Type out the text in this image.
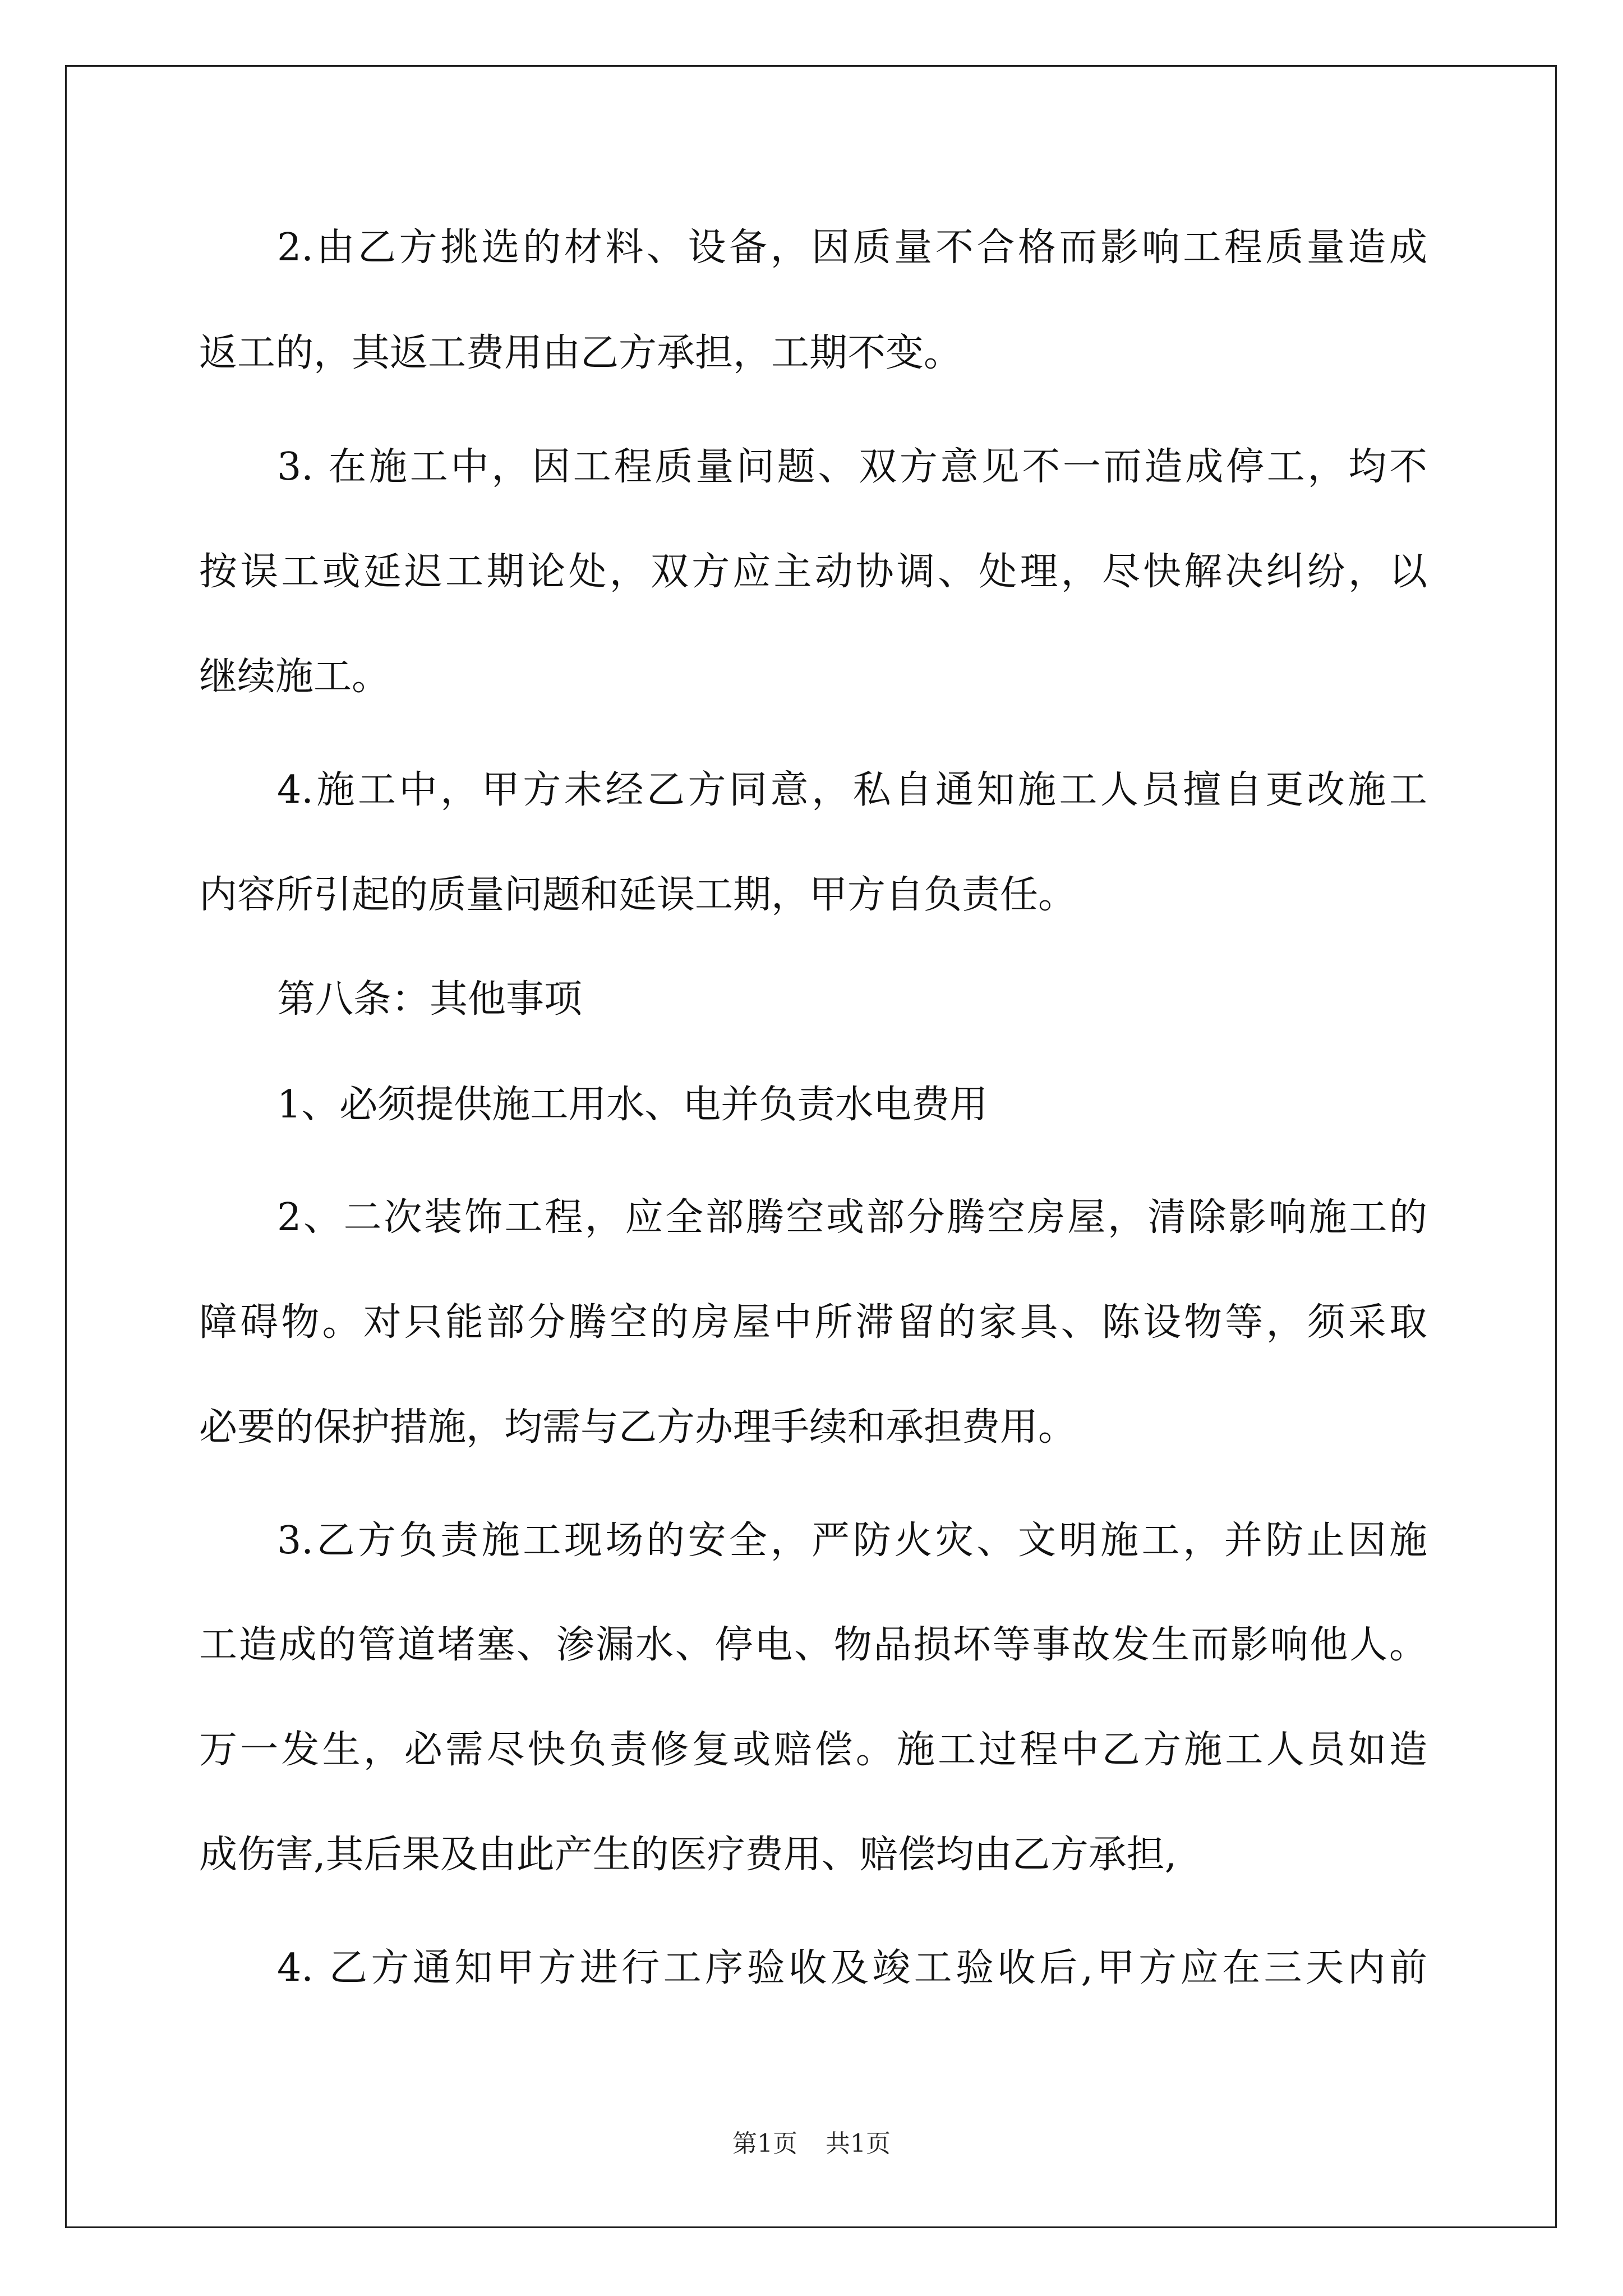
2.由乙方挑选的材料、设备，因质量不合格而影响工程质量造成
返工的，其返工费用由乙方承担，工期不变。
3. 在施工中，因工程质量问题、双方意见不一而造成停工，均不
按误工或延迟工期论处，双方应主动协调、处理，尽快解决纠纷，以
继续施工。
4.施工中，甲方未经乙方同意，私自通知施工人员擅自更改施工
内容所引起的质量问题和延误工期，甲方自负责任。
第八条：其他事项
1、必须提供施工用水、电并负责水电费用
2、二次装饰工程，应全部腾空或部分腾空房屋，清除影响施工的
障碍物。对只能部分腾空的房屋中所滞留的家具、陈设物等，须采取
必要的保护措施，均需与乙方办理手续和承担费用。
3.乙方负责施工现场的安全，严防火灾、文明施工，并防止因施
工造成的管道堵塞、渗漏水、停电、物品损坏等事故发生而影响他人。
万一发生，必需尽快负责修复或赔偿。施工过程中乙方施工人员如造
成伤害,其后果及由此产生的医疗费用、赔偿均由乙方承担,
4. 乙方通知甲方进行工序验收及竣工验收后,甲方应在三天内前
第1页 共1页
